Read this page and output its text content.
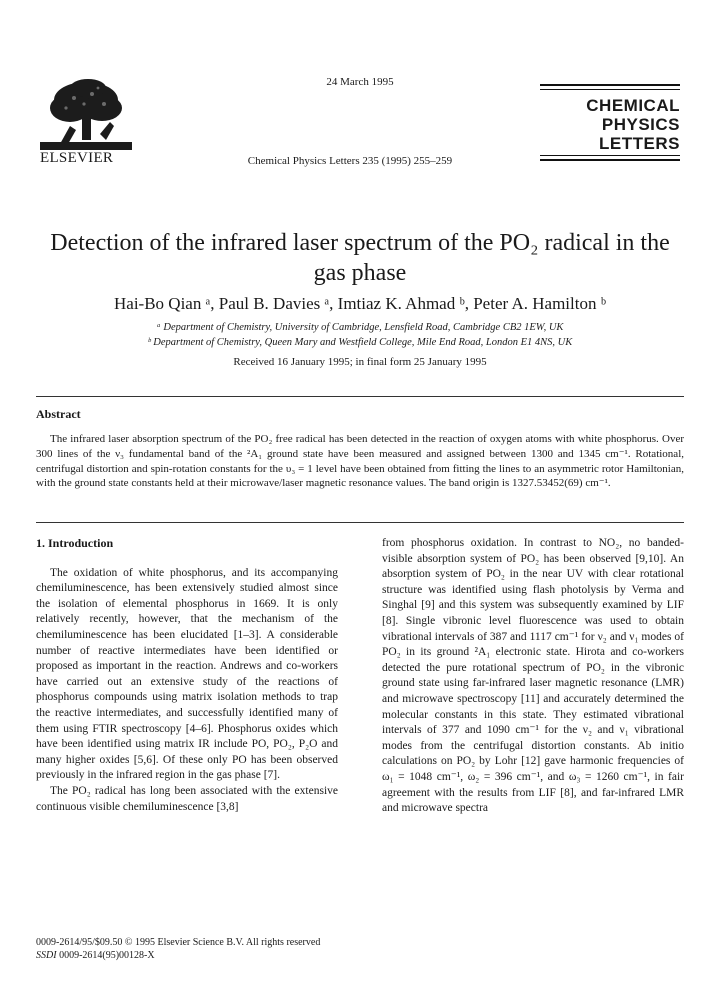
ELSEVIER
24 March 1995
Chemical Physics Letters 235 (1995) 255–259
CHEMICAL
PHYSICS
LETTERS
Detection of the infrared laser spectrum of the PO₂ radical in the gas phase
Hai-Bo Qian ᵃ, Paul B. Davies ᵃ, Imtiaz K. Ahmad ᵇ, Peter A. Hamilton ᵇ
ᵃ Department of Chemistry, University of Cambridge, Lensfield Road, Cambridge CB2 1EW, UK
ᵇ Department of Chemistry, Queen Mary and Westfield College, Mile End Road, London E1 4NS, UK
Received 16 January 1995; in final form 25 January 1995
Abstract
The infrared laser absorption spectrum of the PO₂ free radical has been detected in the reaction of oxygen atoms with white phosphorus. Over 300 lines of the ν₃ fundamental band of the ²A₁ ground state have been measured and assigned between 1300 and 1345 cm⁻¹. Rotational, centrifugal distortion and spin-rotation constants for the υ₃ = 1 level have been obtained from fitting the lines to an asymmetric rotor Hamiltonian, with the ground state constants held at their microwave/laser magnetic resonance values. The band origin is 1327.53452(69) cm⁻¹.
1. Introduction

The oxidation of white phosphorus, and its accompanying chemiluminescence, has been extensively studied almost since the isolation of elemental phosphorus in 1669. It is only relatively recently, however, that the mechanism of the chemiluminescence has been elucidated [1–3]. A considerable number of reactive intermediates have been identified or proposed as important in the reaction. Andrews and co-workers have carried out an extensive study of the reactions of phosphorus compounds using matrix isolation methods to trap the reactive intermediates, and successfully identified many of them using FTIR spectroscopy [4–6]. Phosphorus oxides which have been identified using matrix IR include PO, PO₂, P₂O and many higher oxides [5,6]. Of these only PO has been observed previously in the infrared region in the gas phase [7].

The PO₂ radical has long been associated with the extensive continuous visible chemiluminescence [3,8]

from phosphorus oxidation. In contrast to NO₂, no banded-visible absorption system of PO₂ has been observed [9,10]. An absorption system of PO₂ in the near UV with clear rotational structure was identified using flash photolysis by Verma and Singhal [9] and this system was subsequently examined by LIF [8]. Single vibronic level fluorescence was used to obtain vibrational intervals of 387 and 1117 cm⁻¹ for ν₂ and ν₁ modes of PO₂ in its ground ²A₁ electronic state. Hirota and co-workers detected the pure rotational spectrum of PO₂ in the vibronic ground state using far-infrared laser magnetic resonance (LMR) and microwave spectroscopy [11] and accurately determined the molecular constants in this state. They estimated vibrational intervals of 377 and 1090 cm⁻¹ for the ν₂ and ν₁ vibrational modes from the centrifugal distortion constants. Ab initio calculations on PO₂ by Lohr [12] gave harmonic frequencies of ω₁ = 1048 cm⁻¹, ω₂ = 396 cm⁻¹, and ω₃ = 1260 cm⁻¹, in fair agreement with the results from LIF [8], and far-infrared LMR and microwave spectra

0009-2614/95/$09.50 © 1995 Elsevier Science B.V. All rights reserved
SSDI 0009-2614(95)00128-X
